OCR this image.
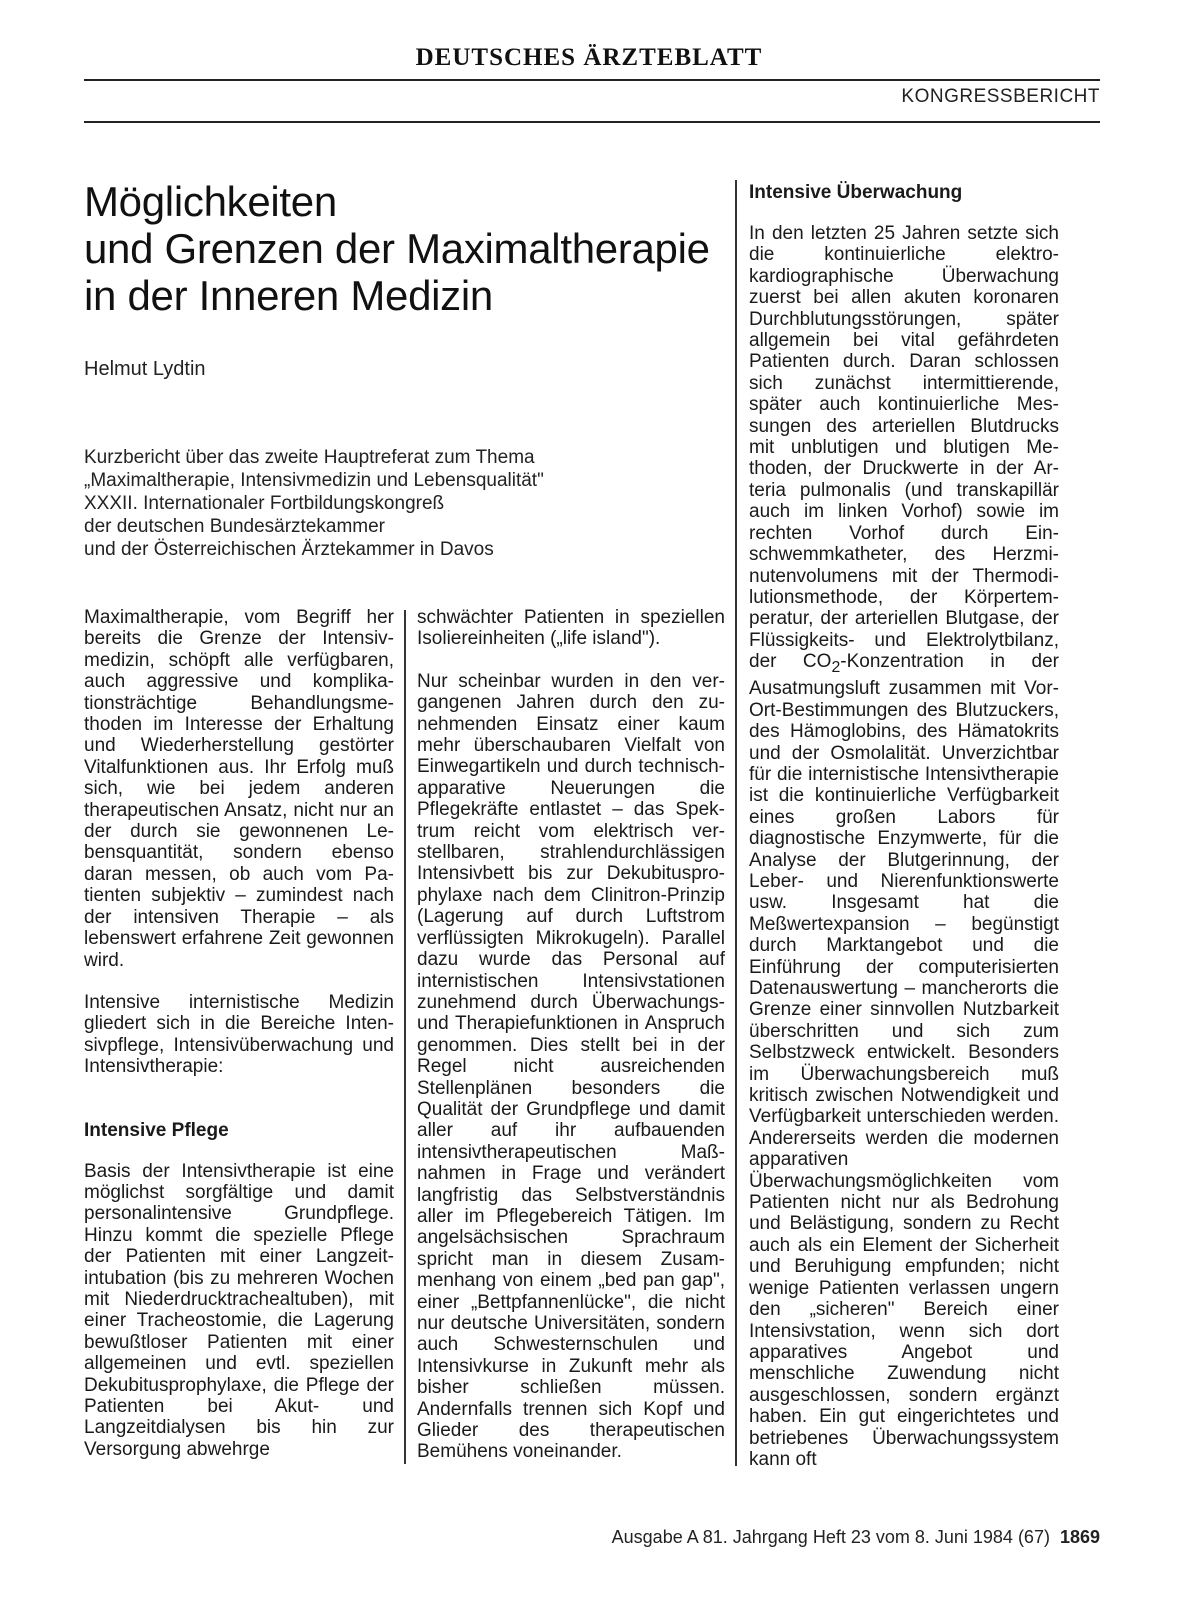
DEUTSCHES ÄRZTEBLATT
KONGRESSBERICHT
Möglichkeiten
und Grenzen der Maximaltherapie
in der Inneren Medizin
Helmut Lydtin
Kurzbericht über das zweite Hauptreferat zum Thema
„Maximaltherapie, Intensivmedizin und Lebensqualität"
XXXII. Internationaler Fortbildungskongreß
der deutschen Bundesärztekammer
und der Österreichischen Ärztekammer in Davos

Maximaltherapie, vom Begriff her bereits die Grenze der Intensivmedizin, schöpft alle verfügbaren, auch aggressive und komplikationsträchtige Behandlungsmethoden im Interesse der Erhaltung und Wiederherstellung gestörter Vitalfunktionen aus. Ihr Erfolg muß sich, wie bei jedem anderen therapeutischen Ansatz, nicht nur an der durch sie gewonnenen Lebensquantität, sondern ebenso daran messen, ob auch vom Patienten subjektiv – zumindest nach der intensiven Therapie – als lebenswert erfahrene Zeit gewonnen wird.

Intensive internistische Medizin gliedert sich in die Bereiche Intensivpflege, Intensivüberwachung und Intensivtherapie:

Intensive Pflege

Basis der Intensivtherapie ist eine möglichst sorgfältige und damit personalintensive Grundpflege. Hinzu kommt die spezielle Pflege der Patienten mit einer Langzeitintubation (bis zu mehreren Wochen mit Niederdrucktrachealtuben), mit einer Tracheostomie, die Lagerung bewußtloser Patienten mit einer allgemeinen und evtl. speziellen Dekubitusprophylaxe, die Pflege der Patienten bei Akut- und Langzeitdialysen bis hin zur Versorgung abwehrge

schwächter Patienten in speziellen Isoliereinheiten („life island").

Nur scheinbar wurden in den vergangenen Jahren durch den zunehmenden Einsatz einer kaum mehr überschaubaren Vielfalt von Einwegartikeln und durch technisch-apparative Neuerungen die Pflegekräfte entlastet – das Spektrum reicht vom elektrisch verstellbaren, strahlendurchlässigen Intensivbett bis zur Dekubitusprophylaxe nach dem Clinitron-Prinzip (Lagerung auf durch Luftstrom verflüssigten Mikrokugeln). Parallel dazu wurde das Personal auf internistischen Intensivstationen zunehmend durch Überwachungs- und Therapiefunktionen in Anspruch genommen. Dies stellt bei in der Regel nicht ausreichenden Stellenplänen besonders die Qualität der Grundpflege und damit aller auf ihr aufbauenden intensivtherapeutischen Maßnahmen in Frage und verändert langfristig das Selbstverständnis aller im Pflegebereich Tätigen. Im angelsächsischen Sprachraum spricht man in diesem Zusammenhang von einem „bed pan gap", einer „Bettpfannenlücke", die nicht nur deutsche Universitäten, sondern auch Schwesternschulen und Intensivkurse in Zukunft mehr als bisher schließen müssen. Andernfalls trennen sich Kopf und Glieder des therapeutischen Bemühens voneinander.

Intensive Überwachung

In den letzten 25 Jahren setzte sich die kontinuierliche elektrokardiographische Überwachung zuerst bei allen akuten koronaren Durchblutungsstörungen, später allgemein bei vital gefährdeten Patienten durch. Daran schlossen sich zunächst intermittierende, später auch kontinuierliche Messungen des arteriellen Blutdrucks mit unblutigen und blutigen Methoden, der Druckwerte in der Arteria pulmonalis (und transkapillär auch im linken Vorhof) sowie im rechten Vorhof durch Einschwemmkatheter, des Herzminutenvolumens mit der Thermodilutionsmethode, der Körpertemperatur, der arteriellen Blutgase, der Flüssigkeits- und Elektrolytbilanz, der $CO_2$-Konzentration in der Ausatmungsluft zusammen mit Vor-Ort-Bestimmungen des Blutzuckers, des Hämoglobins, des Hämatokrits und der Osmolalität. Unverzichtbar für die internistische Intensivtherapie ist die kontinuierliche Verfügbarkeit eines großen Labors für diagnostische Enzymwerte, für die Analyse der Blutgerinnung, der Leber- und Nierenfunktionswerte usw. Insgesamt hat die Meßwertexpansion – begünstigt durch Marktangebot und die Einführung der computerisierten Datenauswertung – mancherorts die Grenze einer sinnvollen Nutzbarkeit überschritten und sich zum Selbstzweck entwickelt. Besonders im Überwachungsbereich muß kritisch zwischen Notwendigkeit und Verfügbarkeit unterschieden werden. Andererseits werden die modernen apparativen Überwachungsmöglichkeiten vom Patienten nicht nur als Bedrohung und Belästigung, sondern zu Recht auch als ein Element der Sicherheit und Beruhigung empfunden; nicht wenige Patienten verlassen ungern den „sicheren" Bereich einer Intensivstation, wenn sich dort apparatives Angebot und menschliche Zuwendung nicht ausgeschlossen, sondern ergänzt haben. Ein gut eingerichtetes und betriebenes Überwachungssystem kann oft

Ausgabe A 81. Jahrgang Heft 23 vom 8. Juni 1984 (67) 1869
